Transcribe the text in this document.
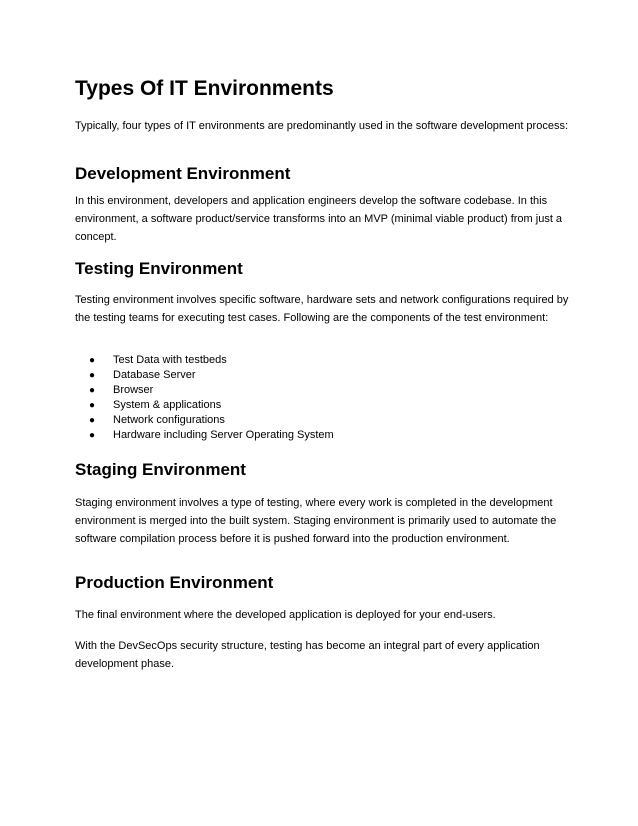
Types Of IT Environments

Typically, four types of IT environments are predominantly used in the software development process:

Development Environment

In this environment, developers and application engineers develop the software codebase. In this environment, a software product/service transforms into an MVP (minimal viable product) from just a concept.

Testing Environment

Testing environment involves specific software, hardware sets and network configurations required by the testing teams for executing test cases. Following are the components of the test environment:

● Test Data with testbeds
● Database Server
● Browser
● System & applications
● Network configurations
● Hardware including Server Operating System
Staging Environment

Staging environment involves a type of testing, where every work is completed in the development environment is merged into the built system. Staging environment is primarily used to automate the software compilation process before it is pushed forward into the production environment.

Production Environment

The final environment where the developed application is deployed for your end-users.

With the DevSecOps security structure, testing has become an integral part of every application development phase.
